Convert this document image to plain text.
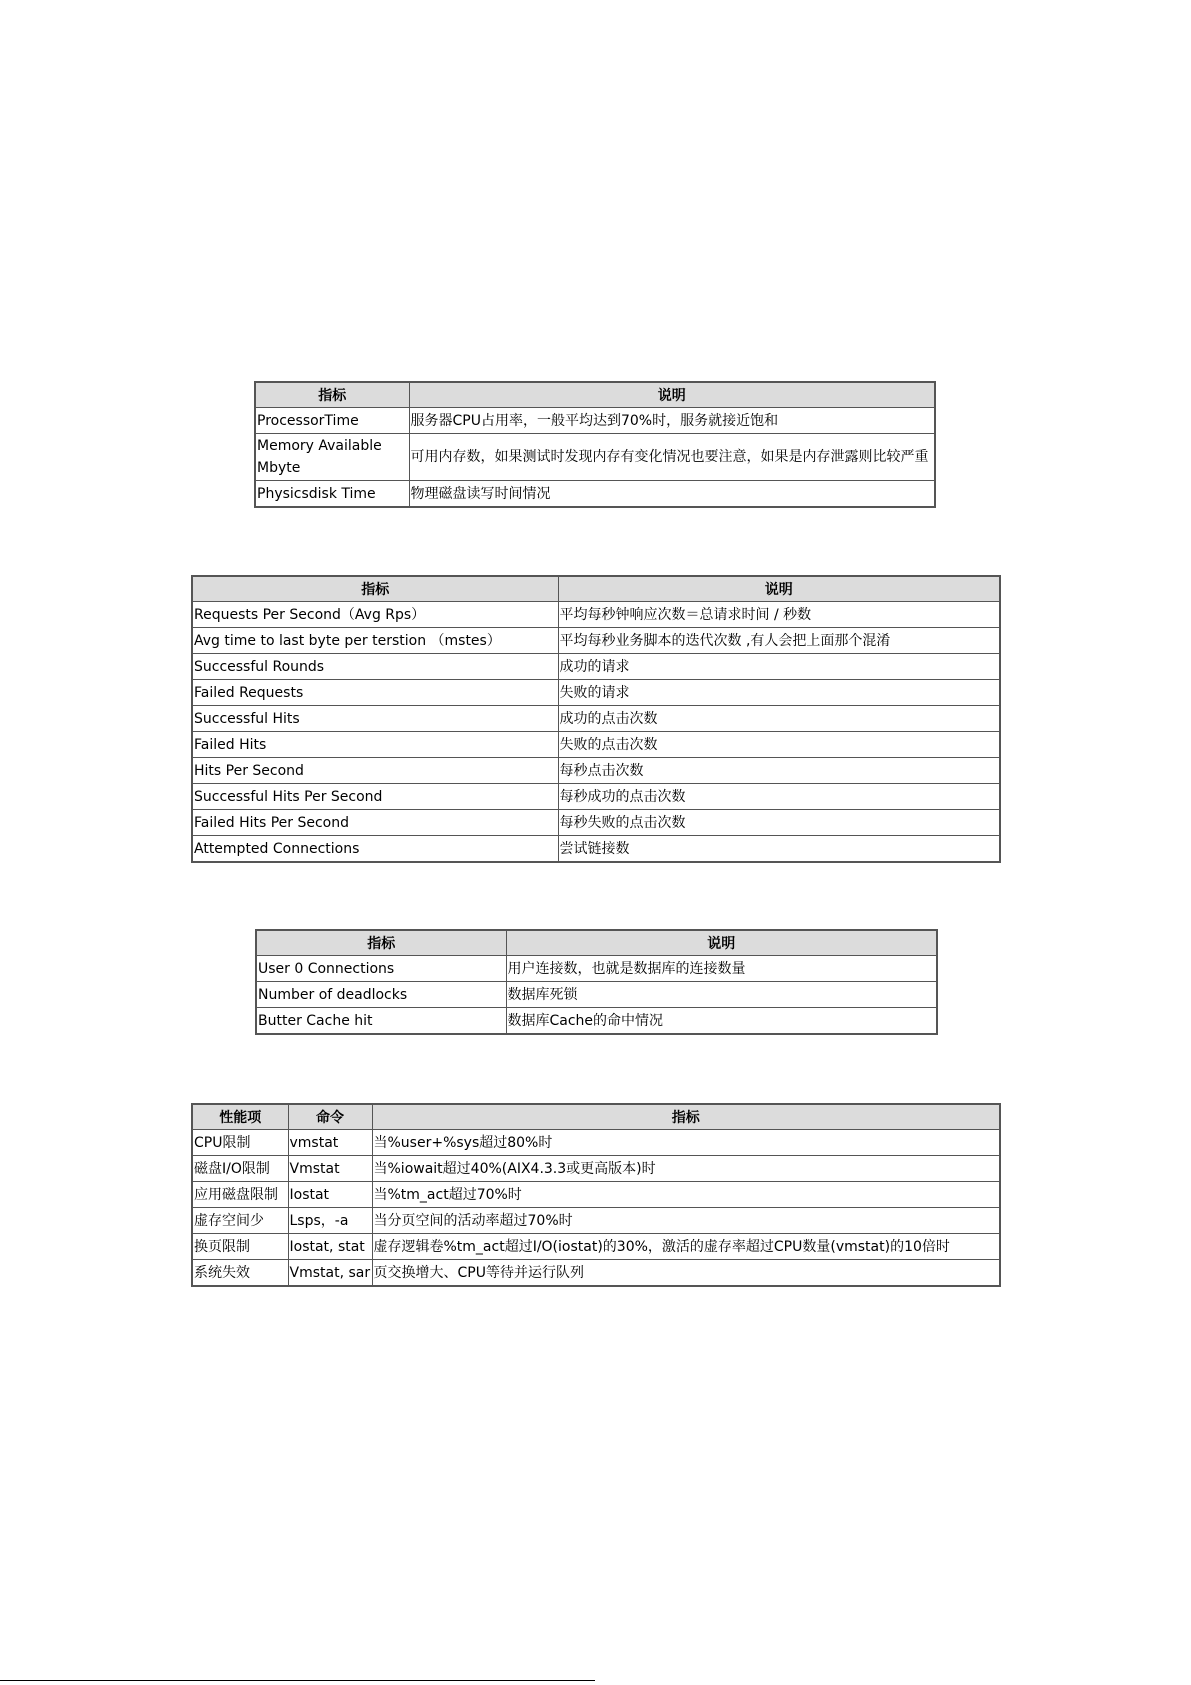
指标	说明
ProcessorTime	服务器CPU占用率，一般平均达到70%时，服务就接近饱和
Memory Available Mbyte	可用内存数，如果测试时发现内存有变化情况也要注意，如果是内存泄露则比较严重
Physicsdisk Time	物理磁盘读写时间情况
指标	说明
Requests Per Second（Avg Rps）	平均每秒钟响应次数＝总请求时间 / 秒数
Avg time to last byte per terstion （mstes）	平均每秒业务脚本的迭代次数 ,有人会把上面那个混淆
Successful Rounds	成功的请求
Failed Requests	失败的请求
Successful Hits	成功的点击次数
Failed Hits	失败的点击次数
Hits Per Second	每秒点击次数
Successful Hits Per Second	每秒成功的点击次数
Failed Hits Per Second	每秒失败的点击次数
Attempted Connections	尝试链接数
指标	说明
User 0 Connections	用户连接数，也就是数据库的连接数量
Number of deadlocks	数据库死锁
Butter Cache hit	数据库Cache的命中情况
性能项	命令	指标
CPU限制	vmstat	当%user+%sys超过80%时
磁盘I/O限制	Vmstat	当%iowait超过40%(AIX4.3.3或更高版本)时
应用磁盘限制	Iostat	当%tm_act超过70%时
虚存空间少	Lsps，-a	当分页空间的活动率超过70%时
换页限制	Iostat, stat	虚存逻辑卷%tm_act超过I/O(iostat)的30%，激活的虚存率超过CPU数量(vmstat)的10倍时
系统失效	Vmstat, sar	页交换增大、CPU等待并运行队列
